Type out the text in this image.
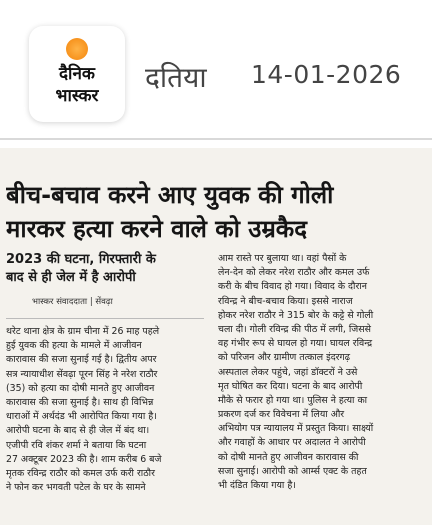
दैनिक
भास्कर
दतिया 14-01-2026
बीच-बचाव करने आए युवक की गोली
मारकर हत्या करने वाले को उम्रकैद
2023 की घटना, गिरफ्तारी के
बाद से ही जेल में है आरोपी
भास्कर संवाददाता | सेंवढ़ा
थरेट थाना क्षेत्र के ग्राम चीना में 26 माह पहले
हुई युवक की हत्या के मामले में आजीवन
कारावास की सजा सुनाई गई है। द्वितीय अपर
सत्र न्यायाधीश सेंवढ़ा पूरन सिंह ने नरेश राठौर
(35) को हत्या का दोषी मानते हुए आजीवन
कारावास की सजा सुनाई है। साथ ही विभिन्न
धाराओं में अर्थदंड भी आरोपित किया गया है।
आरोपी घटना के बाद से ही जेल में बंद था।
एजीपी रवि शंकर शर्मा ने बताया कि घटना
27 अक्टूबर 2023 की है। शाम करीब 6 बजे
मृतक रविन्द्र राठौर को कमल उर्फ करी राठौर
ने फोन कर भगवती पटेल के घर के सामने
आम रास्ते पर बुलाया था। वहां पैसों के
लेन-देन को लेकर नरेश राठौर और कमल उर्फ
करी के बीच विवाद हो गया। विवाद के दौरान
रविन्द्र ने बीच-बचाव किया। इससे नाराज
होकर नरेश राठौर ने 315 बोर के कट्टे से गोली
चला दी। गोली रविन्द्र की पीठ में लगी, जिससे
वह गंभीर रूप से घायल हो गया। घायल रविन्द्र
को परिजन और ग्रामीण तत्काल इंदरगढ़
अस्पताल लेकर पहुंचे, जहां डॉक्टरों ने उसे
मृत घोषित कर दिया। घटना के बाद आरोपी
मौके से फरार हो गया था। पुलिस ने हत्या का
प्रकरण दर्ज कर विवेचना में लिया और
अभियोग पत्र न्यायालय में प्रस्तुत किया। साक्ष्यों
और गवाहों के आधार पर अदालत ने आरोपी
को दोषी मानते हुए आजीवन कारावास की
सजा सुनाई। आरोपी को आर्म्स एक्ट के तहत
भी दंडित किया गया है।
